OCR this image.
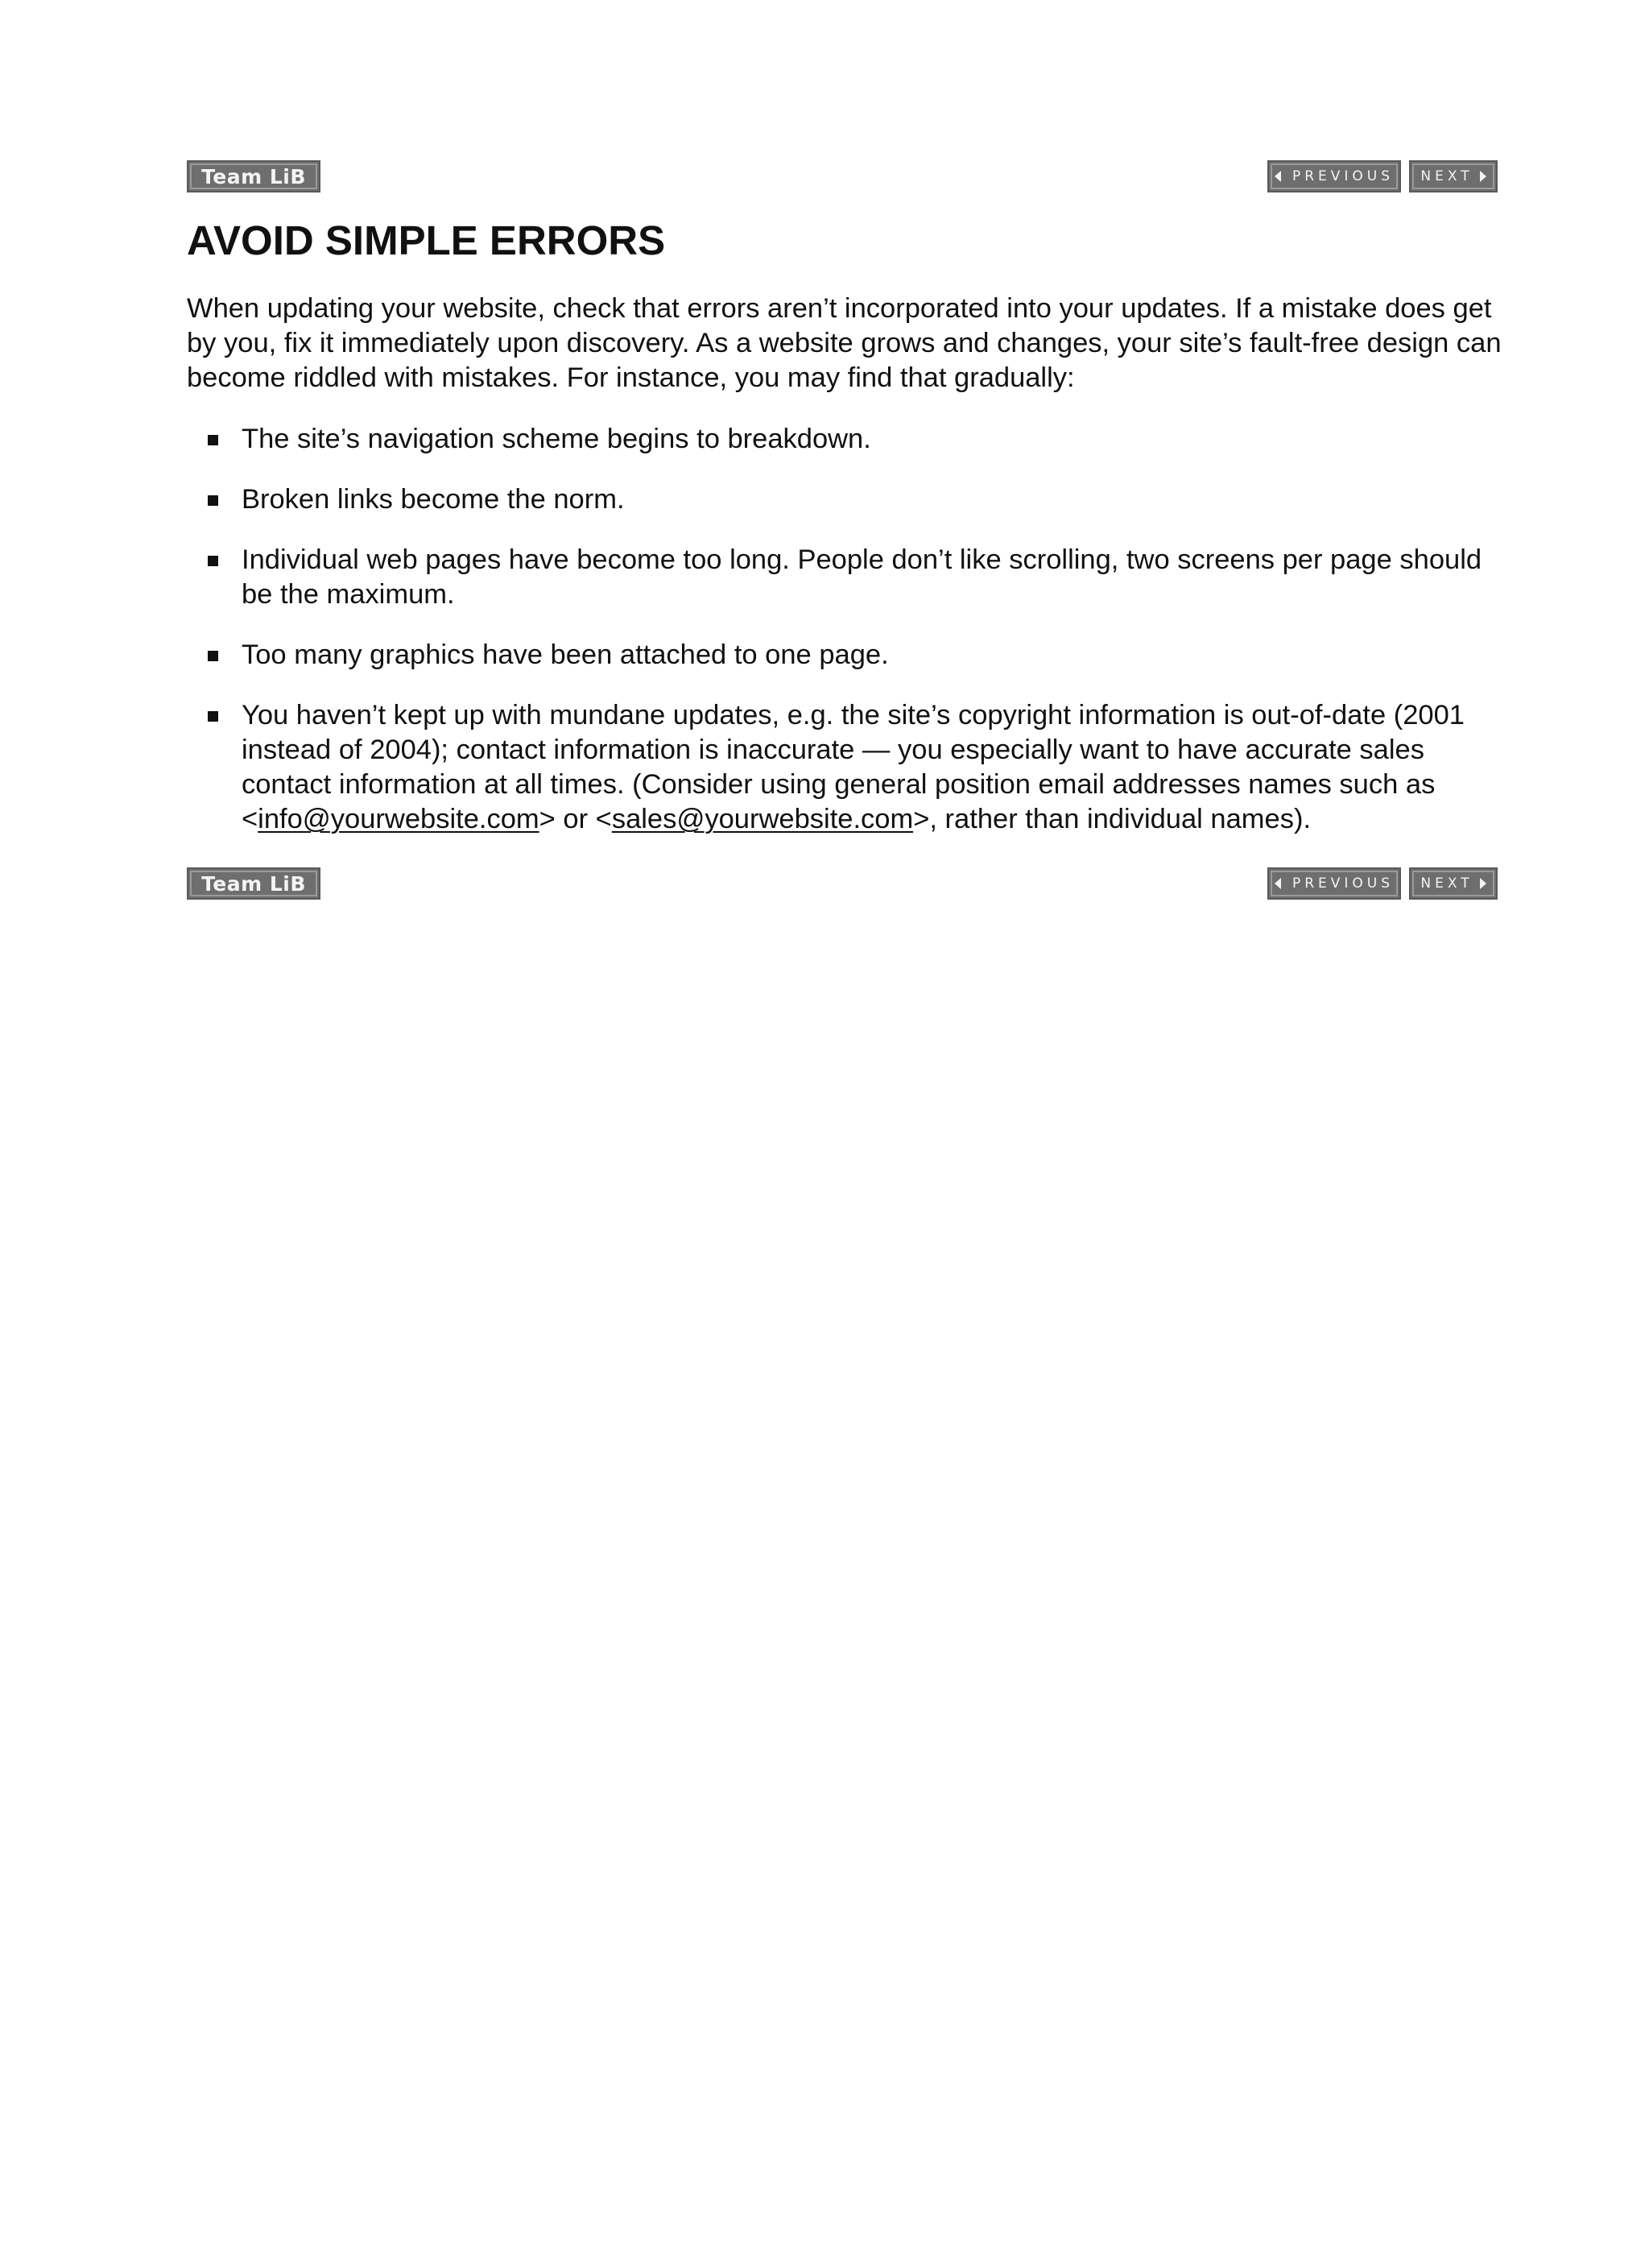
Team LiB	PREVIOUS NEXT
AVOID SIMPLE ERRORS

When updating your website, check that errors aren’t incorporated into your updates. If a mistake does get by you, fix it immediately upon discovery. As a website grows and changes, your site’s fault-free design can become riddled with mistakes. For instance, you may find that gradually:

The site’s navigation scheme begins to breakdown.
Broken links become the norm.
Individual web pages have become too long. People don’t like scrolling, two screens per page should be the maximum.
Too many graphics have been attached to one page.
You haven’t kept up with mundane updates, e.g. the site’s copyright information is out-of-date (2001 instead of 2004); contact information is inaccurate — you especially want to have accurate sales contact information at all times. (Consider using general position email addresses names such as <info@yourwebsite.com> or <sales@yourwebsite.com>, rather than individual names).
Team LiB	PREVIOUS NEXT
